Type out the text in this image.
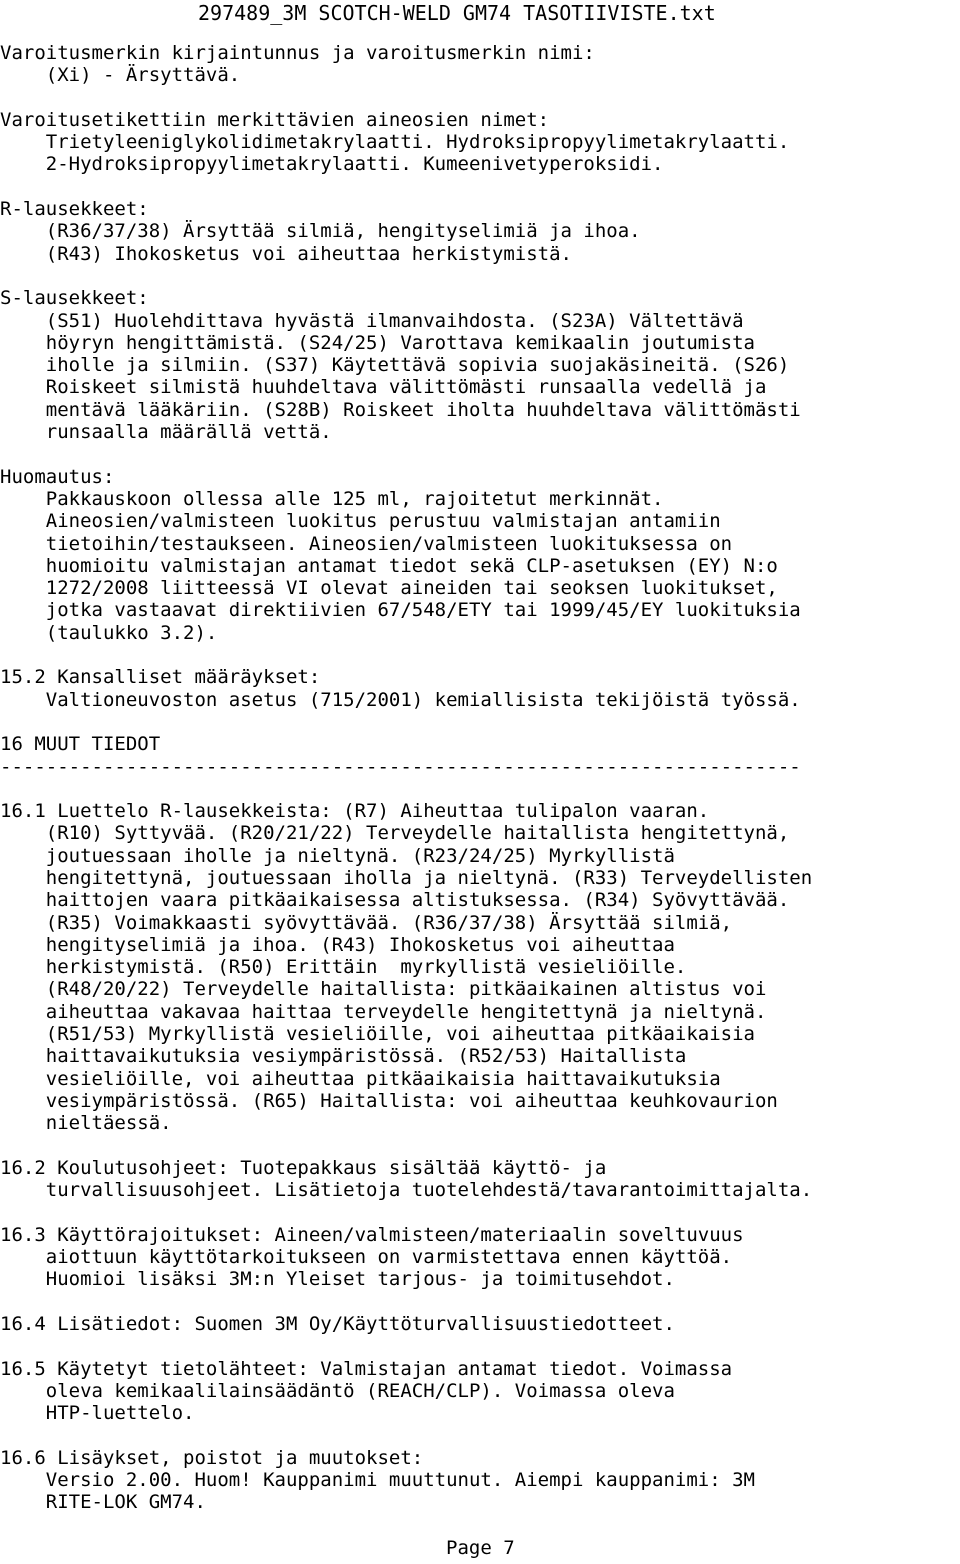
297489_3M SCOTCH-WELD GM74 TASOTIIVISTE.txt
Varoitusmerkin kirjaintunnus ja varoitusmerkin nimi:
(Xi) - Ärsyttävä.
Varoitusetikettiin merkittävien aineosien nimet:
Trietyleeniglykolidimetakrylaatti. Hydroksipropyylimetakrylaatti.
2-Hydroksipropyylimetakrylaatti. Kumeenivetyperoksidi.
R-lausekkeet:
(R36/37/38) Ärsyttää silmiä, hengityselimiä ja ihoa.
(R43) Ihokosketus voi aiheuttaa herkistymistä.
S-lausekkeet:
(S51) Huolehdittava hyvästä ilmanvaihdosta. (S23A) Vältettävä
höyryn hengittämistä. (S24/25) Varottava kemikaalin joutumista
iholle ja silmiin. (S37) Käytettävä sopivia suojakäsineitä. (S26)
Roiskeet silmistä huuhdeltava välittömästi runsaalla vedellä ja
mentävä lääkäriin. (S28B) Roiskeet iholta huuhdeltava välittömästi
runsaalla määrällä vettä.
Huomautus:
Pakkauskoon ollessa alle 125 ml, rajoitetut merkinnät.
Aineosien/valmisteen luokitus perustuu valmistajan antamiin
tietoihin/testaukseen. Aineosien/valmisteen luokituksessa on
huomioitu valmistajan antamat tiedot sekä CLP-asetuksen (EY) N:o
1272/2008 liitteessä VI olevat aineiden tai seoksen luokitukset,
jotka vastaavat direktiivien 67/548/ETY tai 1999/45/EY luokituksia
(taulukko 3.2).
15.2 Kansalliset määräykset:
Valtioneuvoston asetus (715/2001) kemiallisista tekijöistä työssä.
16 MUUT TIEDOT
----------------------------------------------------------------------
16.1 Luettelo R-lausekkeista: (R7) Aiheuttaa tulipalon vaaran.
(R10) Syttyvää. (R20/21/22) Terveydelle haitallista hengitettynä,
joutuessaan iholle ja nieltynä. (R23/24/25) Myrkyllistä
hengitettynä, joutuessaan iholla ja nieltynä. (R33) Terveydellisten
haittojen vaara pitkäaikaisessa altistuksessa. (R34) Syövyttävää.
(R35) Voimakkaasti syövyttävää. (R36/37/38) Ärsyttää silmiä,
hengityselimiä ja ihoa. (R43) Ihokosketus voi aiheuttaa
herkistymistä. (R50) Erittäin  myrkyllistä vesieliöille.
(R48/20/22) Terveydelle haitallista: pitkäaikainen altistus voi
aiheuttaa vakavaa haittaa terveydelle hengitettynä ja nieltynä.
(R51/53) Myrkyllistä vesieliöille, voi aiheuttaa pitkäaikaisia
haittavaikutuksia vesiympäristössä. (R52/53) Haitallista
vesieliöille, voi aiheuttaa pitkäaikaisia haittavaikutuksia
vesiympäristössä. (R65) Haitallista: voi aiheuttaa keuhkovaurion
nieltäessä.
16.2 Koulutusohjeet: Tuotepakkaus sisältää käyttö- ja
turvallisuusohjeet. Lisätietoja tuotelehdestä/tavarantoimittajalta.
16.3 Käyttörajoitukset: Aineen/valmisteen/materiaalin soveltuvuus
aiottuun käyttötarkoitukseen on varmistettava ennen käyttöä.
Huomioi lisäksi 3M:n Yleiset tarjous- ja toimitusehdot.
16.4 Lisätiedot: Suomen 3M Oy/Käyttöturvallisuustiedotteet.
16.5 Käytetyt tietolähteet: Valmistajan antamat tiedot. Voimassa
oleva kemikaalilainsäädäntö (REACH/CLP). Voimassa oleva
HTP-luettelo.
16.6 Lisäykset, poistot ja muutokset:
Versio 2.00. Huom! Kauppanimi muuttunut. Aiempi kauppanimi: 3M
RITE-LOK GM74.
Page 7
